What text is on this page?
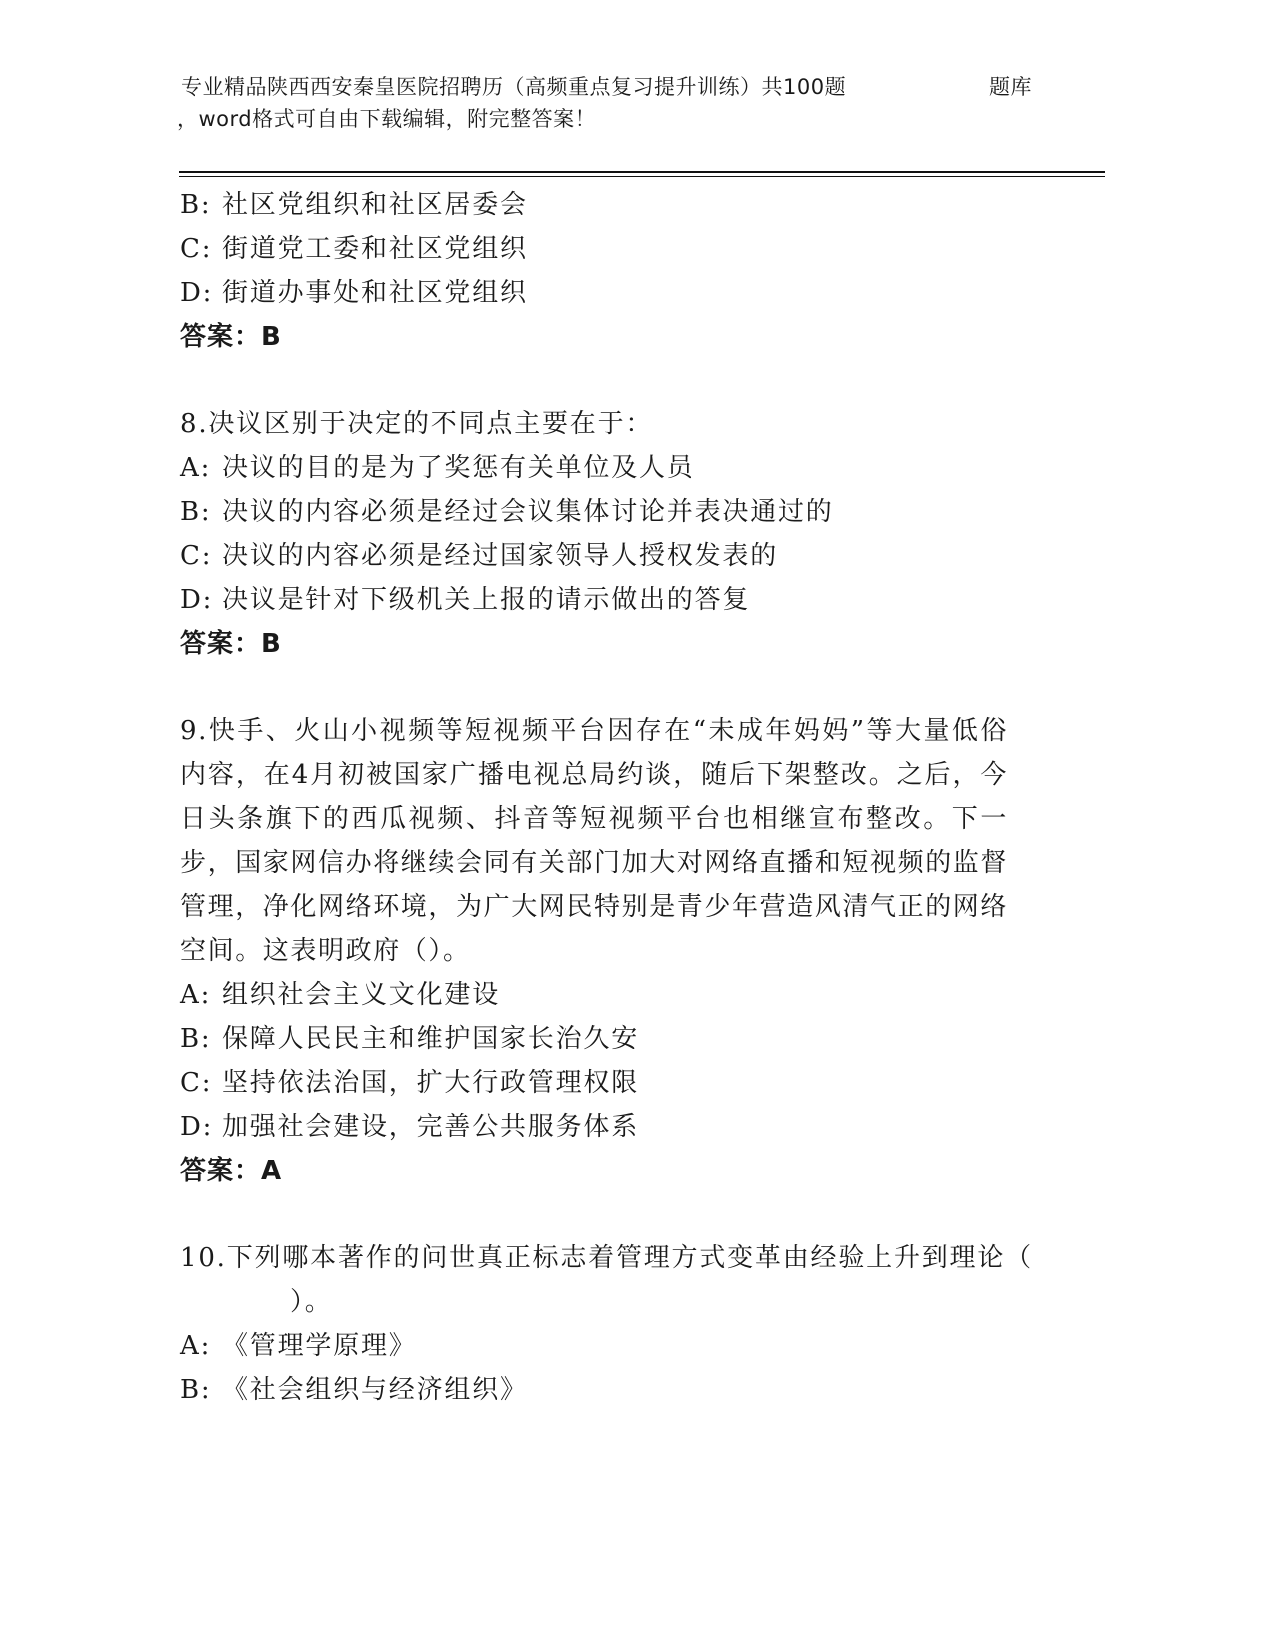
专业精品陕西西安秦皇医院招聘历（高频重点复习提升训练）共100题	题库
，word格式可自由下载编辑，附完整答案！
B: 社区党组织和社区居委会
C: 街道党工委和社区党组织
D: 街道办事处和社区党组织
答案：B
8.决议区别于决定的不同点主要在于：
A: 决议的目的是为了奖惩有关单位及人员
B: 决议的内容必须是经过会议集体讨论并表决通过的
C: 决议的内容必须是经过国家领导人授权发表的
D: 决议是针对下级机关上报的请示做出的答复
答案：B
9.快手、火山小视频等短视频平台因存在“未成年妈妈”等大量低俗内容，在4月初被国家广播电视总局约谈，随后下架整改。之后，今日头条旗下的西瓜视频、抖音等短视频平台也相继宣布整改。下一步，国家网信办将继续会同有关部门加大对网络直播和短视频的监督管理，净化网络环境，为广大网民特别是青少年营造风清气正的网络空间。这表明政府（）。
A: 组织社会主义文化建设
B: 保障人民民主和维护国家长治久安
C: 坚持依法治国，扩大行政管理权限
D: 加强社会建设，完善公共服务体系
答案：A
10.下列哪本著作的问世真正标志着管理方式变革由经验上升到理论（
）。
A: 《管理学原理》
B: 《社会组织与经济组织》
